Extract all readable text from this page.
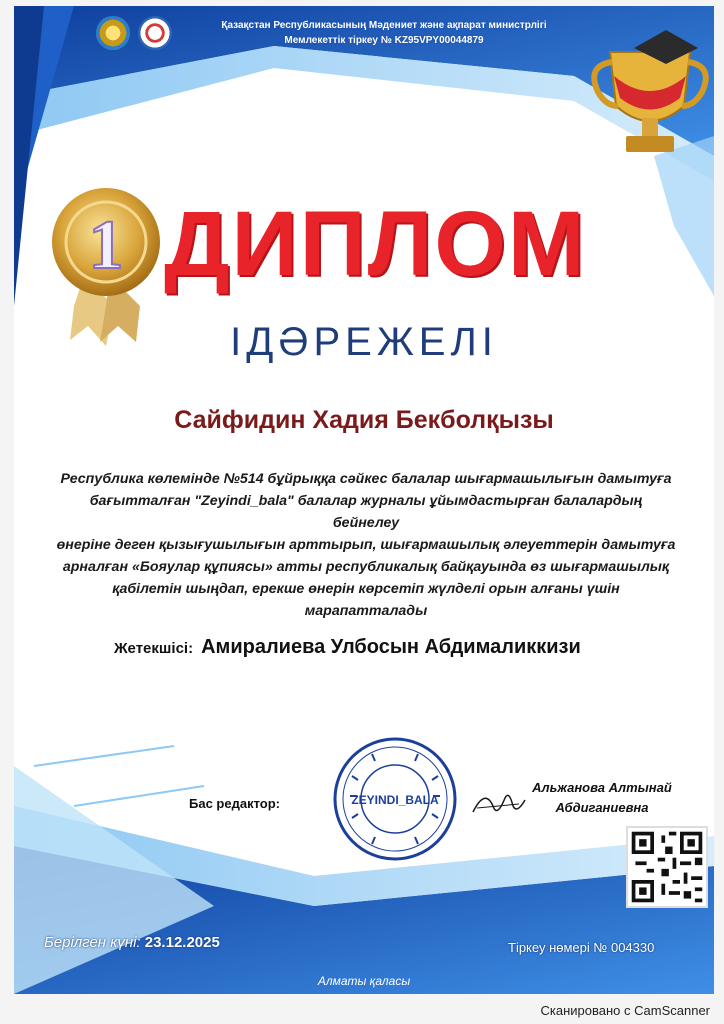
1
Қазақстан Республикасының Мәдениет және ақпарат министрлігі
Мемлекеттік тіркеу № KZ95VPY00044879
ДИПЛОМ
ІДӘРЕЖЕЛІ
Сайфидин Хадия Бекболқызы
Республика көлемінде №514 бұйрыққа сәйкес балалар шығармашылығын дамытуға
бағытталған "Zeyindi_bala" балалар журналы ұйымдастырған балалардың бейнелеу
өнеріне деген қызығушылығын арттырып, шығармашылық әлеуеттерін дамытуға
арналған «Бояулар құпиясы» атты республикалық байқауында өз шығармашылық
қабілетін шыңдап, ерекше өнерін көрсетіп жүлделі орын алғаны үшін
марапатталады
Жетекшісі: Амиралиева Улбосын Абдималиккизи
Бас редактор:	ZEYINDI_BALA
Альжанова Алтынай
Абдиганиевна
Берілген күні: 23.12.2025	Тіркеу нөмері № 004330
Алматы қаласы
Сканировано с CamScanner
